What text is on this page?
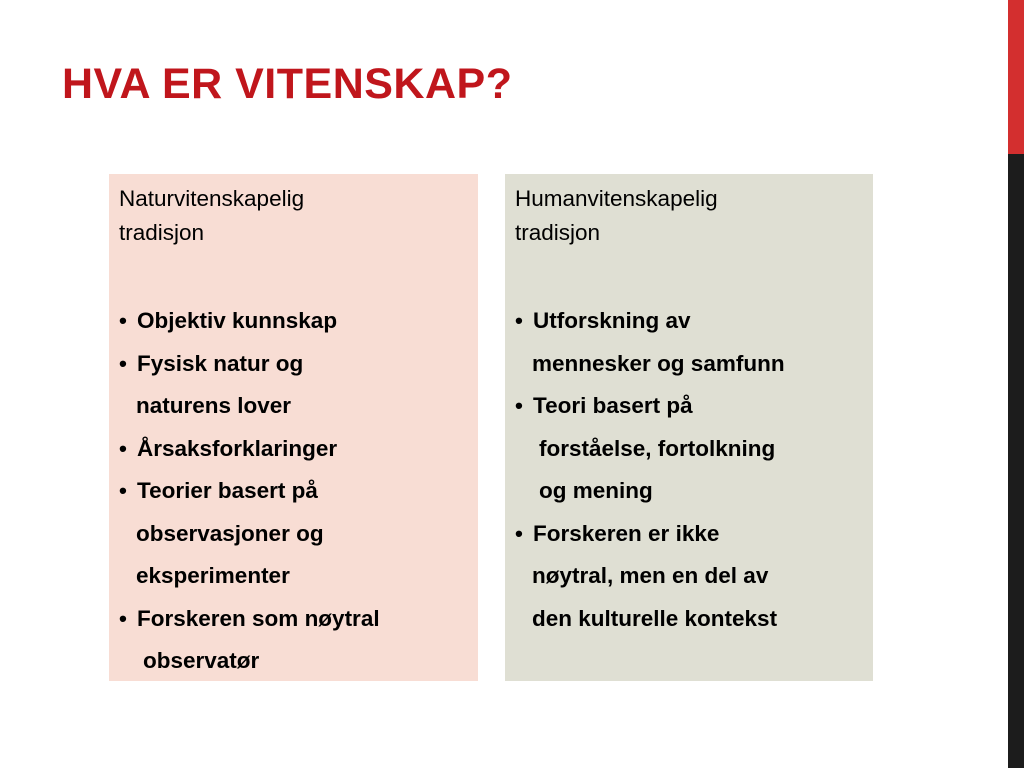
HVA ER VITENSKAP?
Naturvitenskapelig
tradisjon
• Objektiv kunnskap
• Fysisk natur og
naturens lover
• Årsaksforklaringer
• Teorier basert på
observasjoner og
eksperimenter
• Forskeren som nøytral
observatør
Humanvitenskapelig
tradisjon
• Utforskning av
mennesker og samfunn
• Teori basert på
forståelse, fortolkning
og mening
• Forskeren er ikke
nøytral, men en del av
den kulturelle kontekst
